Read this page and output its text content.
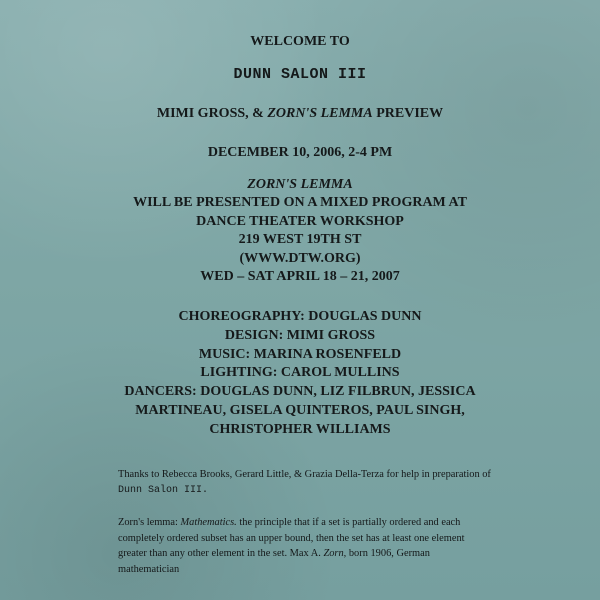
WELCOME TO
DUNN SALON III
MIMI GROSS, & ZORN'S LEMMA PREVIEW
DECEMBER 10, 2006, 2-4 PM
ZORN'S LEMMA
WILL BE PRESENTED ON A MIXED PROGRAM AT
DANCE THEATER WORKSHOP
219 WEST 19TH ST
(WWW.DTW.ORG)
WED – SAT APRIL 18 – 21, 2007
CHOREOGRAPHY: DOUGLAS DUNN
DESIGN: MIMI GROSS
MUSIC: MARINA ROSENFELD
LIGHTING: CAROL MULLINS
DANCERS: DOUGLAS DUNN, LIZ FILBRUN, JESSICA
MARTINEAU, GISELA QUINTEROS, PAUL SINGH,
CHRISTOPHER WILLIAMS
Thanks to Rebecca Brooks, Gerard Little, & Grazia Della-Terza for help in preparation of
Dunn Salon III.
Zorn's lemma: Mathematics. the principle that if a set is partially ordered and each
completely ordered subset has an upper bound, then the set has at least one element
greater than any other element in the set. Max A. Zorn, born 1906, German
mathematician
